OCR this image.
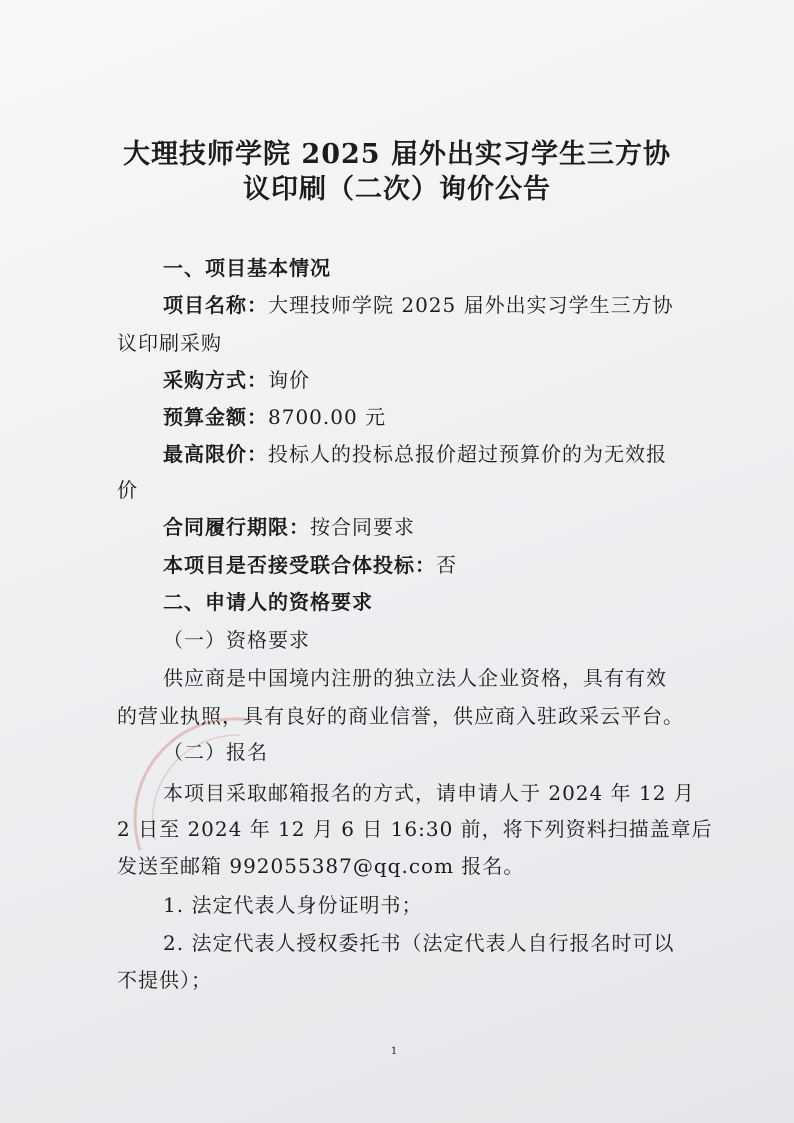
大理技师学院 2025 届外出实习学生三方协
议印刷（二次）询价公告
一、项目基本情况
项目名称：大理技师学院 2025 届外出实习学生三方协
议印刷采购
采购方式：询价
预算金额：8700.00 元
最高限价：投标人的投标总报价超过预算价的为无效报
价
合同履行期限：按合同要求
本项目是否接受联合体投标：否
二、申请人的资格要求
（一）资格要求
供应商是中国境内注册的独立法人企业资格，具有有效
的营业执照，具有良好的商业信誉，供应商入驻政采云平台。
（二）报名
本项目采取邮箱报名的方式，请申请人于 2024 年 12 月
2 日至 2024 年 12 月 6 日 16:30 前，将下列资料扫描盖章后
发送至邮箱 992055387@qq.com 报名。
1. 法定代表人身份证明书；
2. 法定代表人授权委托书（法定代表人自行报名时可以
不提供）；
1
